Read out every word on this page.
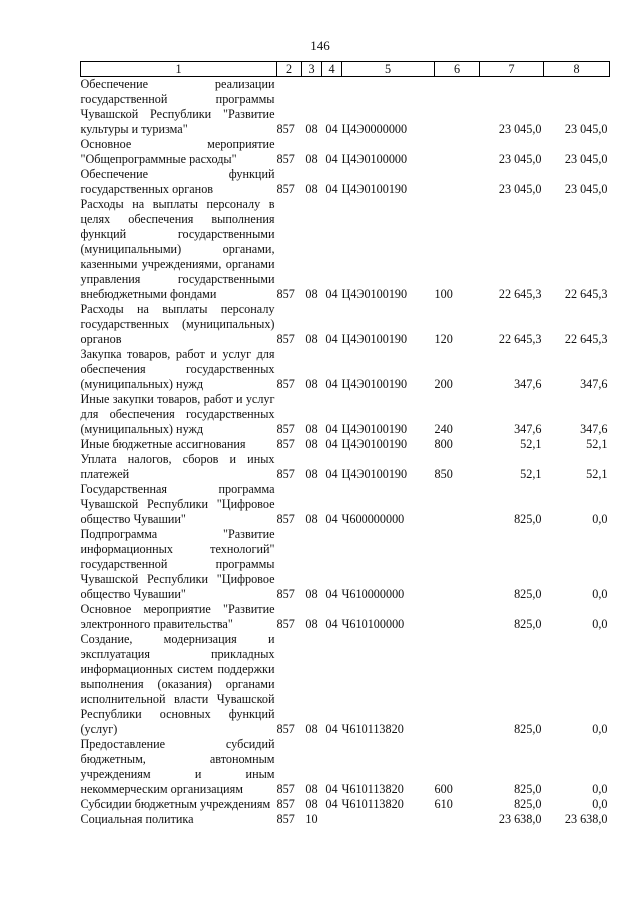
146
1	2	3	4	5	6	7	8
Обеспечение реализации государственной программы Чувашской Республики "Развитие культуры и туризма"	857	08	04	Ц4Э0000000		23 045,0	23 045,0
Основное мероприятие "Общепрограммные расходы"	857	08	04	Ц4Э0100000		23 045,0	23 045,0
Обеспечение функций государственных органов	857	08	04	Ц4Э0100190		23 045,0	23 045,0
Расходы на выплаты персоналу в целях обеспечения выполнения функций государственными (муниципальными) органами, казенными учреждениями, органами управления государственными внебюджетными фондами	857	08	04	Ц4Э0100190	100	22 645,3	22 645,3
Расходы на выплаты персоналу государственных (муниципальных) органов	857	08	04	Ц4Э0100190	120	22 645,3	22 645,3
Закупка товаров, работ и услуг для обеспечения государственных (муниципальных) нужд	857	08	04	Ц4Э0100190	200	347,6	347,6
Иные закупки товаров, работ и услуг для обеспечения государственных (муниципальных) нужд	857	08	04	Ц4Э0100190	240	347,6	347,6
Иные бюджетные ассигнования	857	08	04	Ц4Э0100190	800	52,1	52,1
Уплата налогов, сборов и иных платежей	857	08	04	Ц4Э0100190	850	52,1	52,1
Государственная программа Чувашской Республики "Цифровое общество Чувашии"	857	08	04	Ч600000000		825,0	0,0
Подпрограмма "Развитие информационных технологий" государственной программы Чувашской Республики "Цифровое общество Чувашии"	857	08	04	Ч610000000		825,0	0,0
Основное мероприятие "Развитие электронного правительства"	857	08	04	Ч610100000		825,0	0,0
Создание, модернизация и эксплуатация прикладных информационных систем поддержки выполнения (оказания) органами исполнительной власти Чувашской Республики основных функций (услуг)	857	08	04	Ч610113820		825,0	0,0
Предоставление субсидий бюджетным, автономным учреждениям и иным некоммерческим организациям	857	08	04	Ч610113820	600	825,0	0,0
Субсидии бюджетным учреждениям	857	08	04	Ч610113820	610	825,0	0,0
Социальная политика	857	10				23 638,0	23 638,0
